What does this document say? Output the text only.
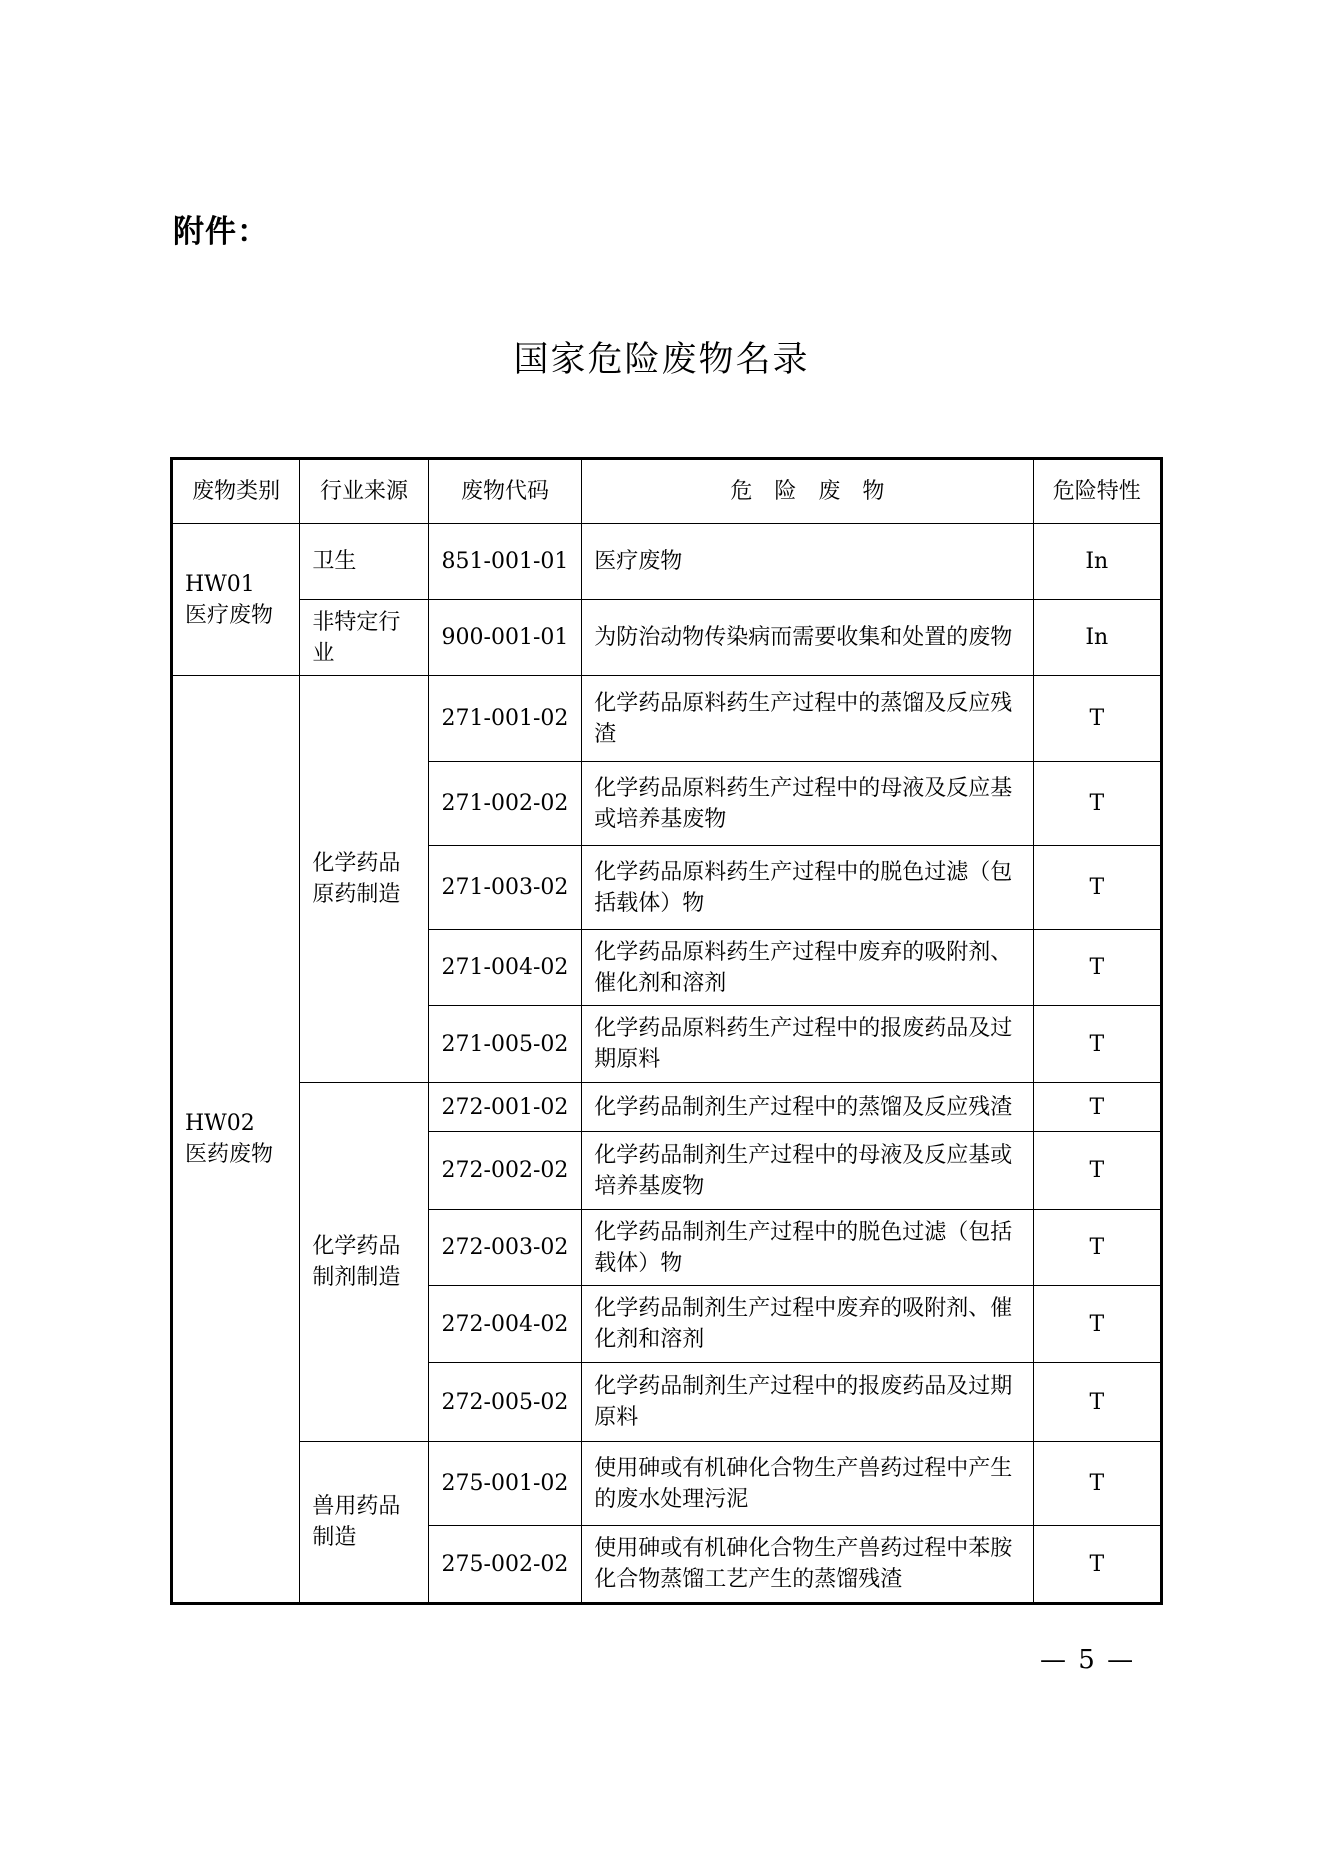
附件：
国家危险废物名录
废物类别	行业来源	废物代码	危　险　废　物	危险特性

HW01
医疗废物	卫生	851-001-01	医疗废物	In
	非特定行业	900-001-01	为防治动物传染病而需要收集和处置的废物	In

HW02
医药废物	化学药品原药制造	271-001-02	化学药品原料药生产过程中的蒸馏及反应残渣	T
		271-002-02	化学药品原料药生产过程中的母液及反应基或培养基废物	T
		271-003-02	化学药品原料药生产过程中的脱色过滤（包括载体）物	T
		271-004-02	化学药品原料药生产过程中废弃的吸附剂、催化剂和溶剂	T
		271-005-02	化学药品原料药生产过程中的报废药品及过期原料	T
	化学药品制剂制造	272-001-02	化学药品制剂生产过程中的蒸馏及反应残渣	T
		272-002-02	化学药品制剂生产过程中的母液及反应基或培养基废物	T
		272-003-02	化学药品制剂生产过程中的脱色过滤（包括载体）物	T
		272-004-02	化学药品制剂生产过程中废弃的吸附剂、催化剂和溶剂	T
		272-005-02	化学药品制剂生产过程中的报废药品及过期原料	T
	兽用药品制造	275-001-02	使用砷或有机砷化合物生产兽药过程中产生的废水处理污泥	T
		275-002-02	使用砷或有机砷化合物生产兽药过程中苯胺化合物蒸馏工艺产生的蒸馏残渣	T
— 5 —
